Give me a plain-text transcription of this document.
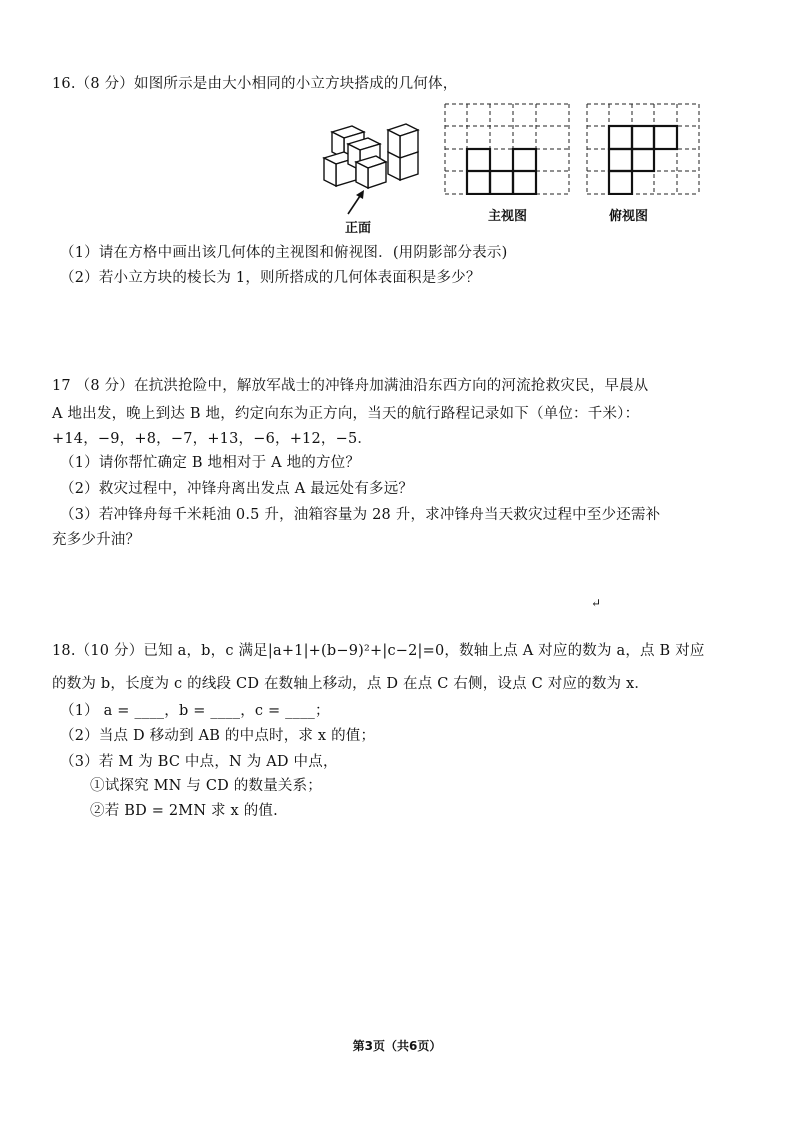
16.（8 分）如图所示是由大小相同的小立方块搭成的几何体，
正面
主视图	俯视图
（1）请在方格中画出该几何体的主视图和俯视图．(用阴影部分表示)
（2）若小立方块的棱长为 1，则所搭成的几何体表面积是多少？
17 （8 分）在抗洪抢险中，解放军战士的冲锋舟加满油沿东西方向的河流抢救灾民，早晨从
A 地出发，晚上到达 B 地，约定向东为正方向，当天的航行路程记录如下（单位：千米）：
+14，−9，+8，−7，+13，−6，+12，−5．
（1）请你帮忙确定 B 地相对于 A 地的方位？
（2）救灾过程中，冲锋舟离出发点 A 最远处有多远？
（3）若冲锋舟每千米耗油 0.5 升，油箱容量为 28 升，求冲锋舟当天救灾过程中至少还需补
充多少升油？
↵
18.（10 分）已知 a，b，c 满足|a+1|+(b−9)²+|c−2|=0，数轴上点 A 对应的数为 a，点 B 对应
的数为 b，长度为 c 的线段 CD 在数轴上移动，点 D 在点 C 右侧，设点 C 对应的数为 x．
（1） a = ____，b = ____，c = ____；
（2）当点 D 移动到 AB 的中点时，求 x 的值；
（3）若 M 为 BC 中点，N 为 AD 中点，
①试探究 MN 与 CD 的数量关系；
②若 BD = 2MN 求 x 的值.
第3页（共6页）
